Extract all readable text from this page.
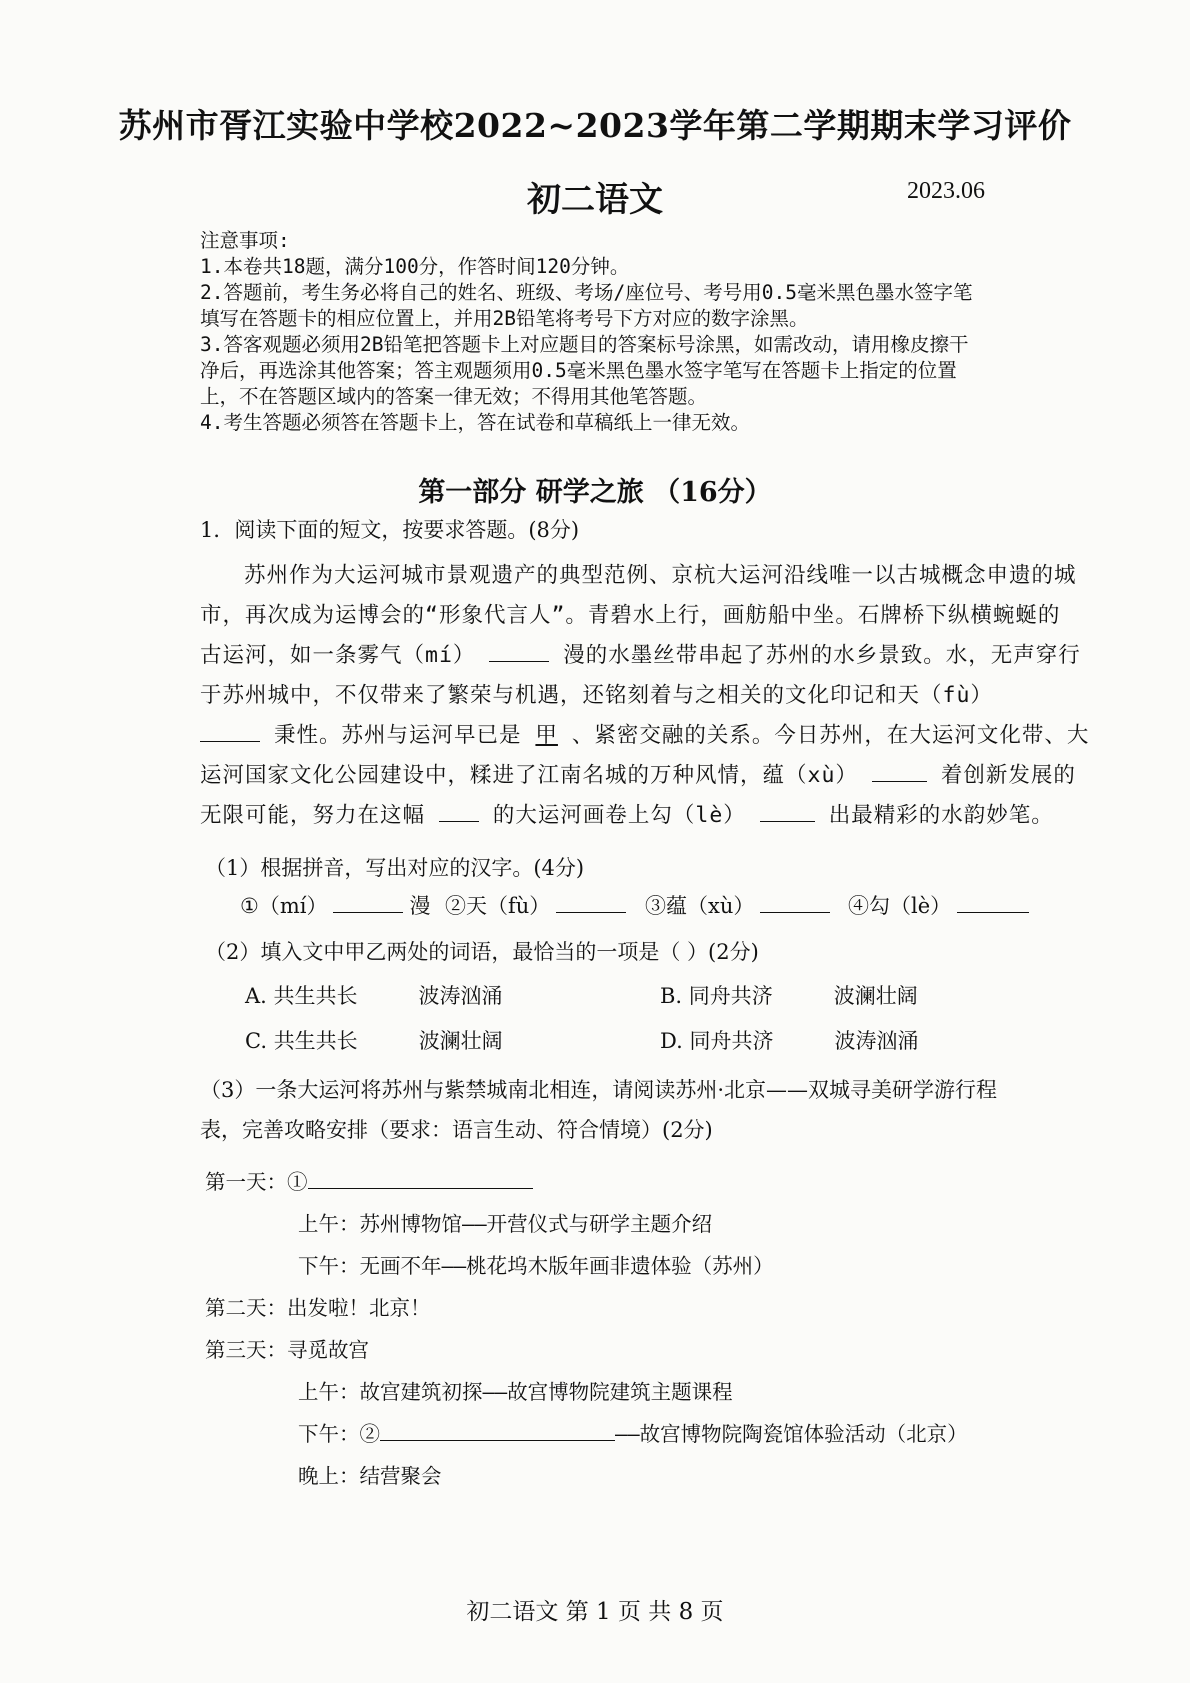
苏州市胥江实验中学校2022~2023学年第二学期期末学习评价
初二语文	2023.06
注意事项:
1.本卷共18题，满分100分，作答时间120分钟。
2.答题前，考生务必将自己的姓名、班级、考场/座位号、考号用0.5毫米黑色墨水签字笔
填写在答题卡的相应位置上，并用2B铅笔将考号下方对应的数字涂黑。
3.答客观题必须用2B铅笔把答题卡上对应题目的答案标号涂黑，如需改动，请用橡皮擦干
净后，再选涂其他答案；答主观题须用0.5毫米黑色墨水签字笔写在答题卡上指定的位置
上，不在答题区域内的答案一律无效；不得用其他笔答题。
4.考生答题必须答在答题卡上，答在试卷和草稿纸上一律无效。
第一部分 研学之旅 （16分）
1．阅读下面的短文，按要求答题。(8分)
苏州作为大运河城市景观遗产的典型范例、京杭大运河沿线唯一以古城概念申遗的城
市，再次成为运博会的“形象代言人”。青碧水上行，画舫船中坐。石牌桥下纵横蜿蜒的
古运河，如一条雾气（mí）	漫的水墨丝带串起了苏州的水乡景致。水，无声穿行
于苏州城中，不仅带来了繁荣与机遇，还铭刻着与之相关的文化印记和天（fù）
秉性。苏州与运河早已是 甲 、紧密交融的关系。今日苏州，在大运河文化带、大
运河国家文化公园建设中，糅进了江南名城的万种风情，蕴（xù）	着创新发展的
无限可能，努力在这幅	的大运河画卷上勾（lè）	出最精彩的水韵妙笔。
（1）根据拼音，写出对应的汉字。(4分)
①（mí）	漫 ②天（fù）	③蕴（xù）	④勾（lè）
（2）填入文中甲乙两处的词语，最恰当的一项是（ ）(2分)
A. 共生共长	波涛汹涌	B. 同舟共济	波澜壮阔
C. 共生共长	波澜壮阔	D. 同舟共济	波涛汹涌
（3）一条大运河将苏州与紫禁城南北相连，请阅读苏州·北京——双城寻美研学游行程
表，完善攻略安排（要求：语言生动、符合情境）(2分)
第一天：①
上午：苏州博物馆——开营仪式与研学主题介绍
下午：无画不年——桃花坞木版年画非遗体验（苏州）
第二天：出发啦！北京！
第三天：寻觅故宫
上午：故宫建筑初探——故宫博物院建筑主题课程
下午：②	——故宫博物院陶瓷馆体验活动（北京）
晚上：结营聚会
初二语文 第 1 页 共 8 页
